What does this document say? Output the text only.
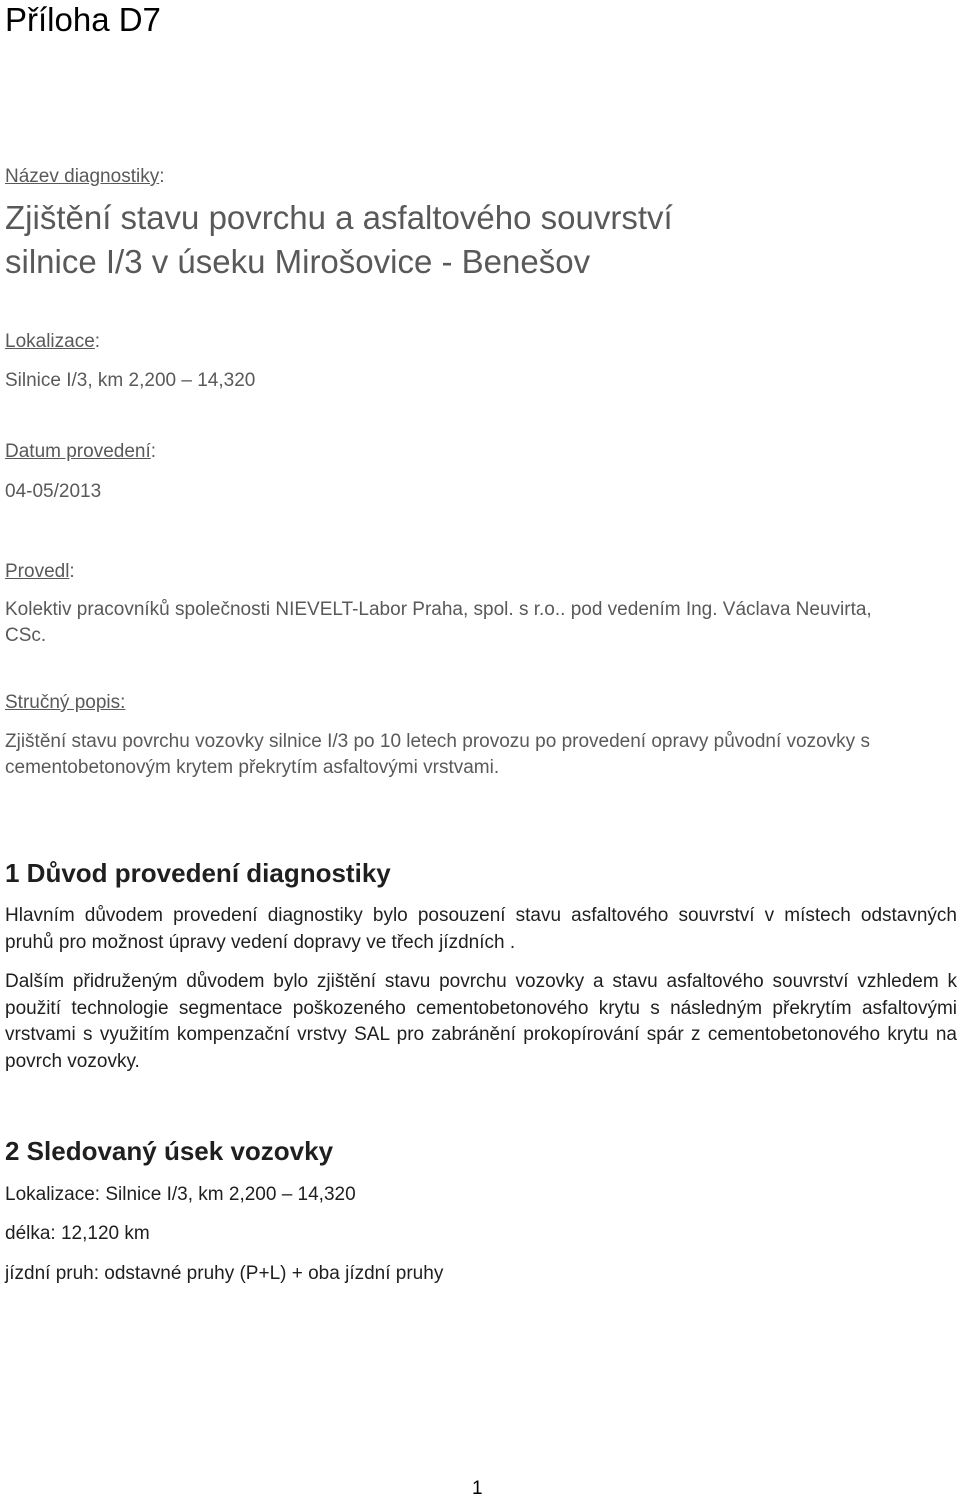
Příloha D7
Název diagnostiky:
Zjištění stavu povrchu a asfaltového souvrství
silnice I/3 v úseku Mirošovice - Benešov
Lokalizace:
Silnice I/3, km 2,200 – 14,320
Datum provedení:
04-05/2013
Provedl:
Kolektiv pracovníků společnosti NIEVELT-Labor Praha, spol. s r.o.. pod vedením Ing. Václava Neuvirta, CSc.
Stručný popis:
Zjištění stavu povrchu vozovky silnice I/3 po 10 letech provozu po provedení opravy původní vozovky s cementobetonovým krytem překrytím asfaltovými vrstvami.
1 Důvod provedení diagnostiky

Hlavním důvodem provedení diagnostiky bylo posouzení stavu asfaltového souvrství v místech odstavných pruhů pro možnost úpravy vedení dopravy ve třech jízdních .

Dalším přidruženým důvodem bylo zjištění stavu povrchu vozovky a stavu asfaltového souvrství vzhledem k použití technologie segmentace poškozeného cementobetonového krytu s následným překrytím asfaltovými vrstvami s využitím kompenzační vrstvy SAL pro zabránění prokopírování spár z cementobetonového krytu na povrch vozovky.

2 Sledovaný úsek vozovky

Lokalizace: Silnice I/3, km 2,200 – 14,320

délka: 12,120 km

jízdní pruh: odstavné pruhy (P+L) + oba jízdní pruhy

1
